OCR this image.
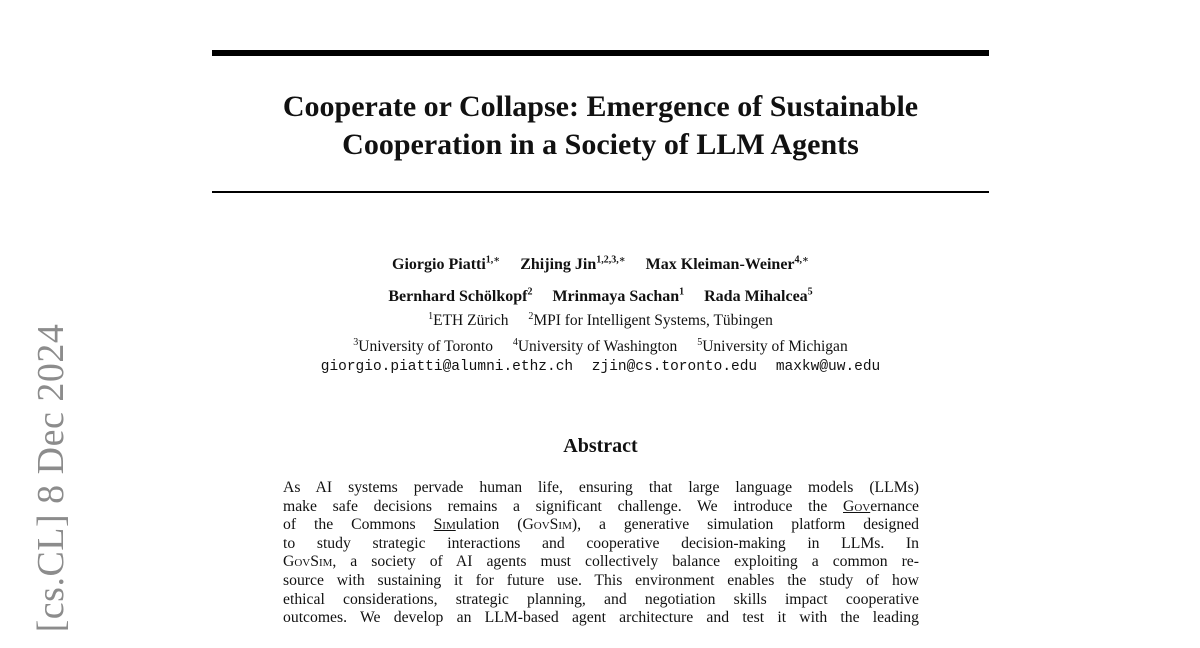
[cs.CL] 8 Dec 2024
Cooperate or Collapse: Emergence of Sustainable
Cooperation in a Society of LLM Agents
Giorgio Piatti$^{1,∗}$ Zhijing Jin$^{1,2,3,∗}$ Max Kleiman-Weiner$^{4,∗}$
Bernhard Schölkopf$^2$ Mrinmaya Sachan$^1$ Rada Mihalcea$^5$
$^1$ETH Zürich $^2$MPI for Intelligent Systems, Tübingen
$^3$University of Toronto $^4$University of Washington $^5$University of Michigan
giorgio.piatti@alumni.ethz.ch zjin@cs.toronto.edu maxkw@uw.edu
Abstract
As AI systems pervade human life, ensuring that large language models (LLMs)
make safe decisions remains a significant challenge. We introduce the Governance
of the Commons Simulation (GovSim), a generative simulation platform designed
to study strategic interactions and cooperative decision-making in LLMs. In
GovSim, a society of AI agents must collectively balance exploiting a common re-
source with sustaining it for future use. This environment enables the study of how
ethical considerations, strategic planning, and negotiation skills impact cooperative
outcomes. We develop an LLM-based agent architecture and test it with the leading
